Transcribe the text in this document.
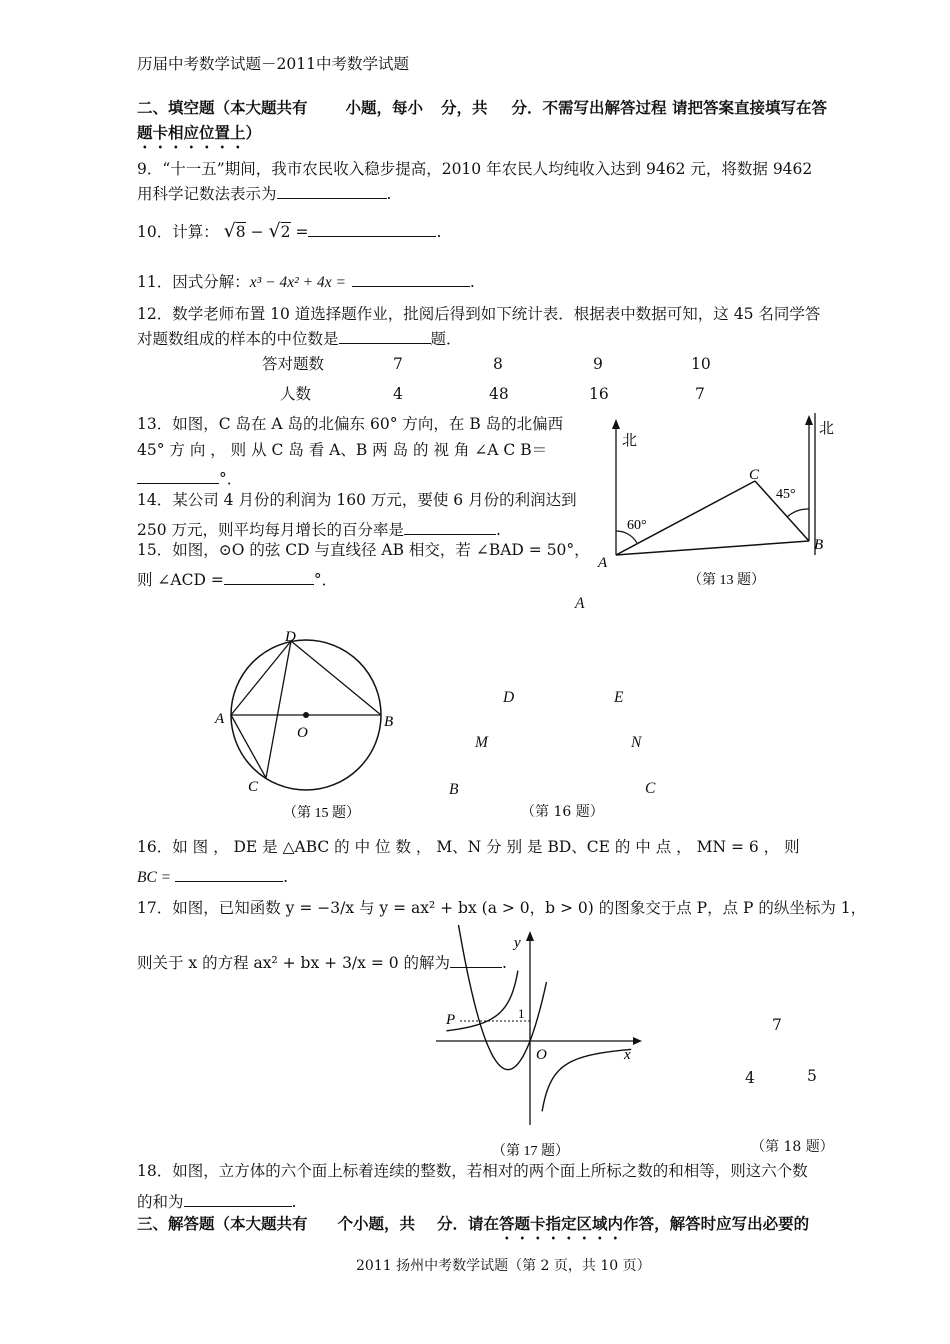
历届中考数学试题－2011中考数学试题
二、填空题（本大题共有 小题，每小 分，共 分．不需写出解答过程 请把答案直接填写在答
题卡相应位置上）
9．“十一五”期间，我市农民收入稳步提高，2010 年农民人均纯收入达到 9462 元，将数据 9462
用科学记数法表示为	.
10．计算： √8 − √2 =	.
11．因式分解：x³ − 4x² + 4x =	.
12．数学老师布置 10 道选择题作业，批阅后得到如下统计表．根据表中数据可知，这 45 名同学答
对题数组成的样本的中位数是	题．
答对题数	7	8	9	10
人数	4	48	16	7
13．如图，C 岛在 A 岛的北偏东 60° 方向，在 B 岛的北偏西
45° 方 向 ， 则 从 C 岛 看 A、B 两 岛 的 视 角 ∠A C B＝
°．
14．某公司 4 月份的利润为 160 万元，要使 6 月份的利润达到
250 万元，则平均每月增长的百分率是	.
15．如图，⊙O 的弦 CD 与直线径 AB 相交，若 ∠BAD = 50°，
则 ∠ACD =	°．
北
北
60°
45°
A
B
C
（第 13 题）
D
A	B
O
C
（第 15 题）
A
D	E
M	N
B	C
（第 16 题）
16．如 图 ， DE 是 △ABC 的 中 位 数 ， M、N 分 别 是 BD、CE 的 中 点 ， MN = 6 ， 则
BC =	.
17．如图，已知函数 y = −3/x 与 y = ax² + bx (a > 0，b > 0) 的图象交于点 P，点 P 的纵坐标为 1，
则关于 x 的方程 ax² + bx + 3/x = 0 的解为	.
y
x
O
P	1
（第 17 题）
7
4	5
（第 18 题）
18．如图，立方体的六个面上标着连续的整数，若相对的两个面上所标之数的和相等，则这六个数
的和为	.
三、解答题（本大题共有 个小题，共 分．请在答题卡指定区域内作答，解答时应写出必要的
2011 扬州中考数学试题（第 2 页，共 10 页）
